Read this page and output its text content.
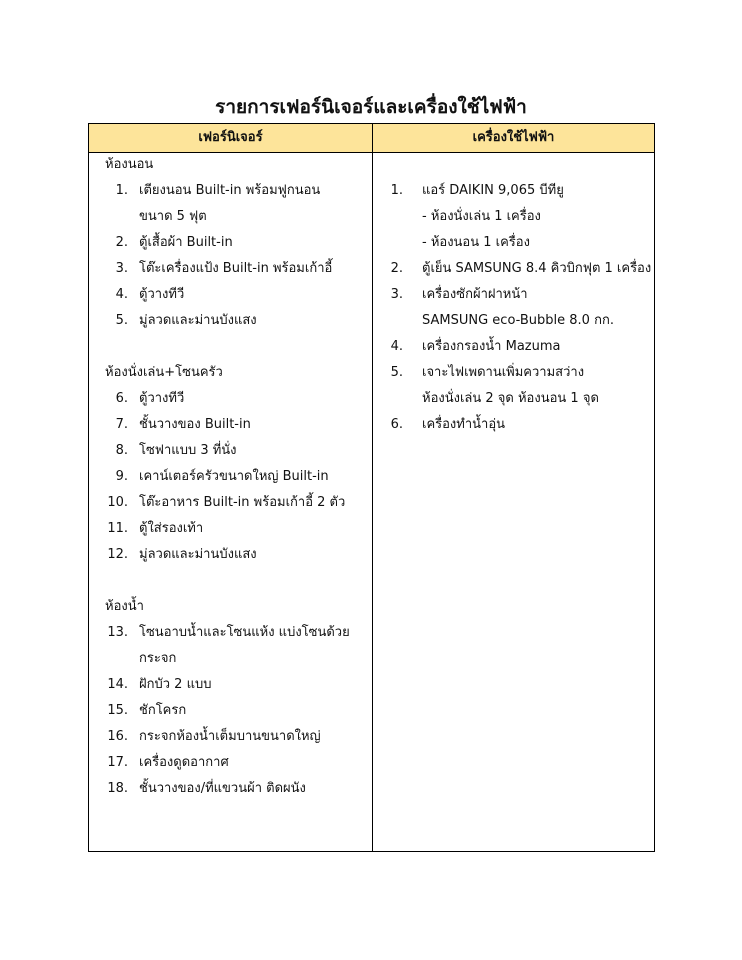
รายการเฟอร์นิเจอร์และเครื่องใช้ไฟฟ้า
เฟอร์นิเจอร์	เครื่องใช้ไฟฟ้า
ห้องนอน
1. เตียงนอน Built-in พร้อมฟูกนอน
ขนาด 5 ฟุต
2. ตู้เสื้อผ้า Built-in
3. โต๊ะเครื่องแป้ง Built-in พร้อมเก้าอี้
4. ตู้วางทีวี
5. มู่ลวดและม่านบังแสง
ห้องนั่งเล่น+โซนครัว
6. ตู้วางทีวี
7. ชั้นวางของ Built-in
8. โซฟาแบบ 3 ที่นั่ง
9. เคาน์เตอร์ครัวขนาดใหญ่ Built-in
10. โต๊ะอาหาร Built-in พร้อมเก้าอี้ 2 ตัว
11. ตู้ใส่รองเท้า
12. มู่ลวดและม่านบังแสง
ห้องน้ำ
13. โซนอาบน้ำและโซนแห้ง แบ่งโซนด้วย
กระจก
14. ฝักบัว 2 แบบ
15. ชักโครก
16. กระจกห้องน้ำเต็มบานขนาดใหญ่
17. เครื่องดูดอากาศ
18. ชั้นวางของ/ที่แขวนผ้า ติดผนัง
1. แอร์ DAIKIN 9,065 บีทียู
- ห้องนั่งเล่น 1 เครื่อง
- ห้องนอน 1 เครื่อง
2. ตู้เย็น SAMSUNG 8.4 คิวบิกฟุต 1 เครื่อง
3. เครื่องซักผ้าฝาหน้า
SAMSUNG eco-Bubble 8.0 กก.
4. เครื่องกรองน้ำ Mazuma
5. เจาะไฟเพดานเพิ่มความสว่าง
ห้องนั่งเล่น 2 จุด ห้องนอน 1 จุด
6. เครื่องทำน้ำอุ่น
